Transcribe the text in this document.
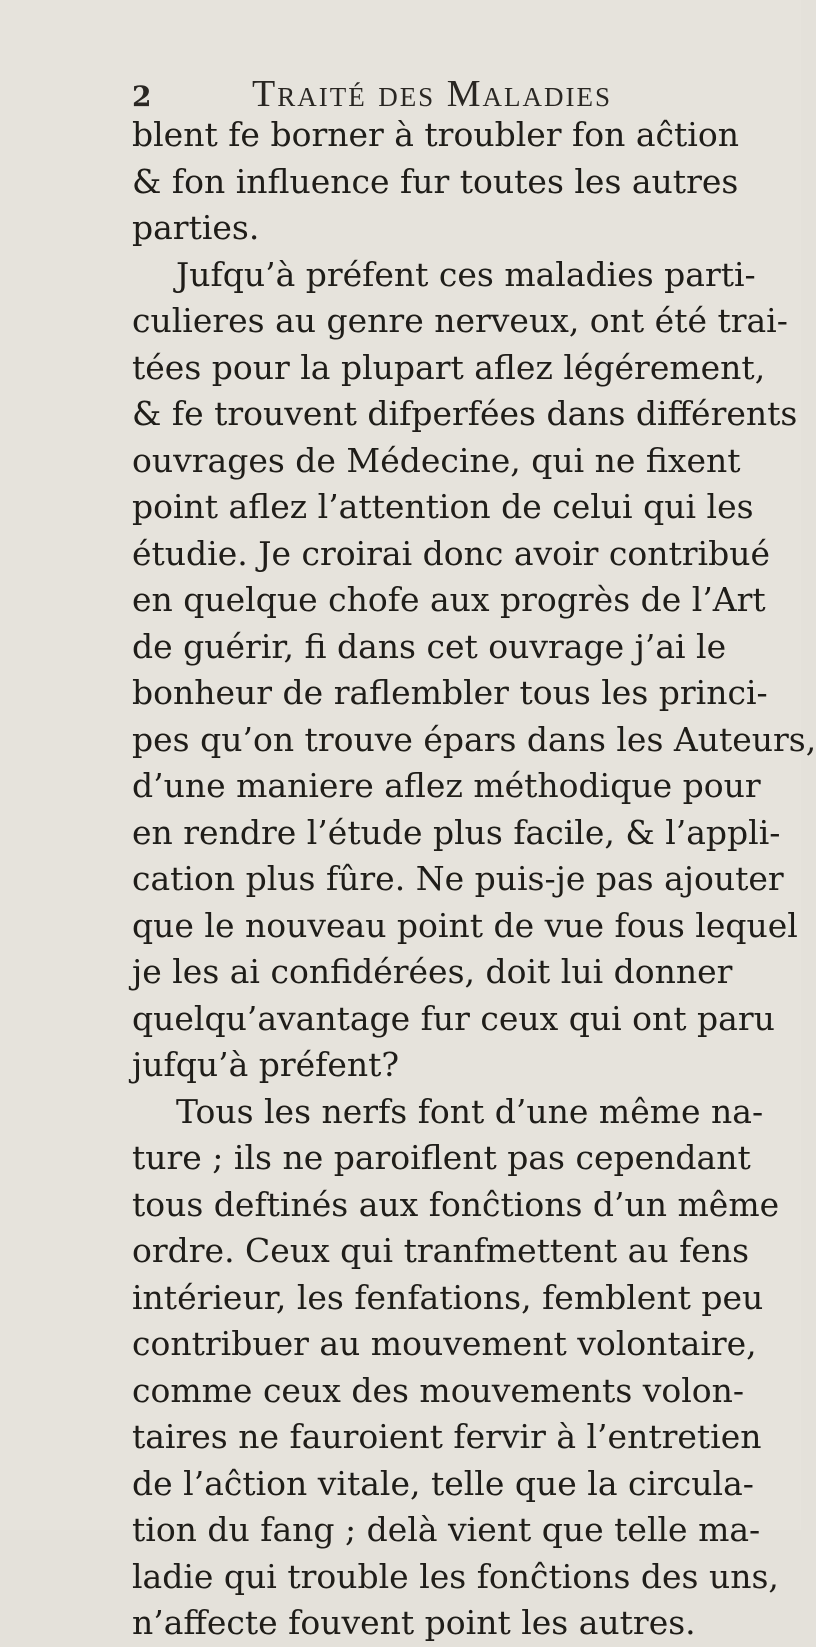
2	Traité des Maladies
blent fe borner à troubler fon aĉtion
& fon influence fur toutes les autres
parties.
Jufqu’à préfent ces maladies parti-
culieres au genre nerveux, ont été trai-
tées pour la plupart aflez légérement,
& fe trouvent difperfées dans différents
ouvrages de Médecine, qui ne fixent
point aflez l’attention de celui qui les
étudie. Je croirai donc avoir contribué
en quelque chofe aux progrès de l’Art
de guérir, fi dans cet ouvrage j’ai le
bonheur de raflembler tous les princi-
pes qu’on trouve épars dans les Auteurs,
d’une maniere aflez méthodique pour
en rendre l’étude plus facile, & l’appli-
cation plus fûre. Ne puis-je pas ajouter
que le nouveau point de vue fous lequel
je les ai confidérées, doit lui donner
quelqu’avantage fur ceux qui ont paru
jufqu’à préfent?
Tous les nerfs font d’une même na-
ture ; ils ne paroiflent pas cependant
tous deftinés aux fonĉtions d’un même
ordre. Ceux qui tranfmettent au fens
intérieur, les fenfations, femblent peu
contribuer au mouvement volontaire,
comme ceux des mouvements volon-
taires ne fauroient fervir à l’entretien
de l’aĉtion vitale, telle que la circula-
tion du fang ; delà vient que telle ma-
ladie qui trouble les fonĉtions des uns,
n’affecte fouvent point les autres.
